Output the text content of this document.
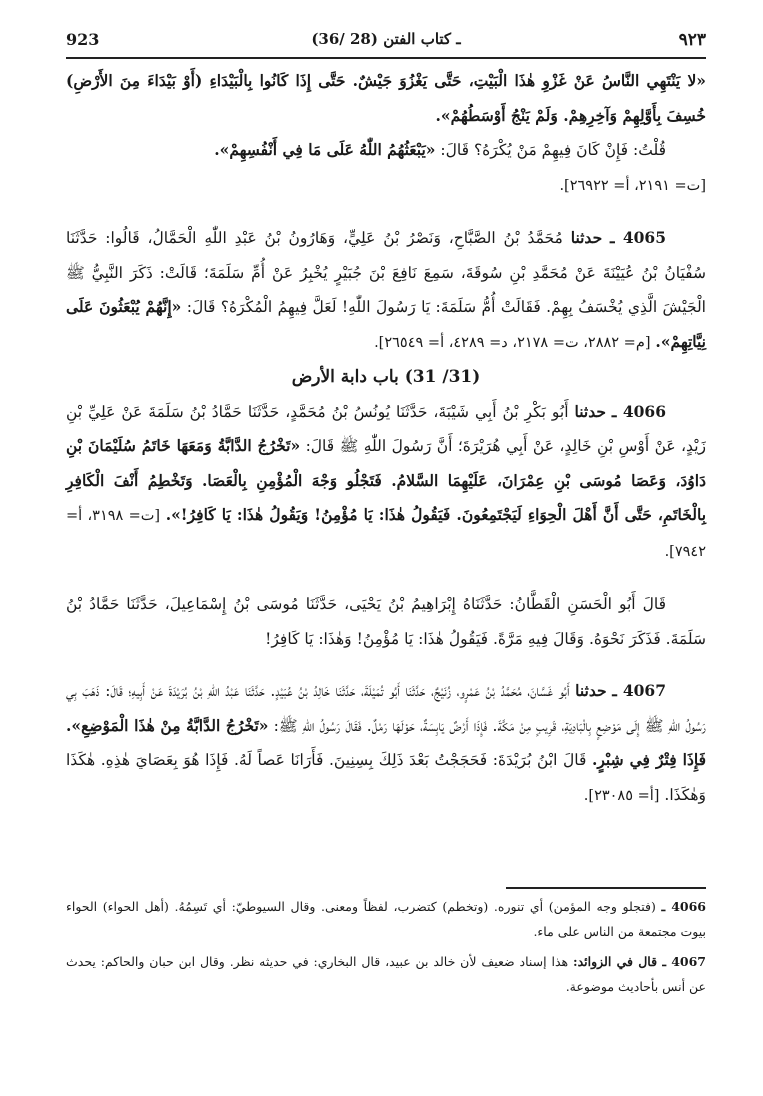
923	(36/ 28) ـ كتاب الفتن	٩٢٣

«لا يَنْتَهِي النَّاسُ عَنْ غَزْوِ هٰذَا الْبَيْتِ، حَتَّى يَغْزُوَ جَيْشٌ. حَتَّى إِذَا كَانُوا بِالْبَيْدَاءِ (أَوْ بَيْدَاءَ مِنَ الأَرْضِ) خُسِفَ بِأَوَّلِهِمْ وَآخِرِهِمْ. وَلَمْ يَنْجُ أَوْسَطُهُمْ».

قُلْتُ: فَإِنْ كَانَ فِيهِمْ مَنْ يُكْرَهُ؟ قَالَ: «يَبْعَثُهُمُ اللّٰهُ عَلَى مَا فِي أَنْفُسِهِمْ».
[ت= ٢١٩١، أ= ٢٦٩٢٢].

4065 ـ حدثنا مُحَمَّدُ بْنُ الصَّبَّاحِ، وَنَصْرُ بْنُ عَلِيٍّ، وَهَارُونُ بْنُ عَبْدِ اللّٰهِ الْحَمَّالُ، قَالُوا: حَدَّثَنَا سُفْيَانُ بْنُ عُيَيْنَةَ عَنْ مُحَمَّدِ بْنِ سُوقَةَ، سَمِعَ نَافِعَ بْنَ جُبَيْرٍ يُخْبِرُ عَنْ أُمِّ سَلَمَةَ؛ قَالَتْ: ذَكَرَ النَّبِيُّ ﷺ الْجَيْشَ الَّذِي يُخْسَفُ بِهِمْ. فَقَالَتْ أُمُّ سَلَمَةَ: يَا رَسُولَ اللّٰهِ! لَعَلَّ فِيهِمُ الْمُكْرَهُ؟ قَالَ: «إِنَّهُمْ يُبْعَثُونَ عَلَى نِيَّاتِهِمْ». [م= ٢٨٨٢، ت= ٢١٧٨، د= ٤٢٨٩، أ= ٢٦٥٤٩].

(31/ 31) باب دابة الأرض

4066 ـ حدثنا أَبُو بَكْرِ بْنُ أَبِي شَيْبَةَ، حَدَّثَنَا يُونُسُ بْنُ مُحَمَّدٍ، حَدَّثَنَا حَمَّادُ بْنُ سَلَمَةَ عَنْ عَلِيِّ بْنِ زَيْدٍ، عَنْ أَوْسِ بْنِ خَالِدٍ، عَنْ أَبِي هُرَيْرَةَ؛ أَنَّ رَسُولَ اللّٰهِ ﷺ قَالَ: «تَخْرُجُ الدَّابَّةُ وَمَعَهَا خَاتَمُ سُلَيْمَانَ بْنِ دَاوُدَ، وَعَصَا مُوسَى بْنِ عِمْرَانَ، عَلَيْهِمَا السَّلامُ. فَتَجْلُو وَجْهَ الْمُؤْمِنِ بِالْعَصَا. وَتَخْطِمُ أَنْفَ الْكَافِرِ بِالْخَاتَمِ، حَتَّى أَنَّ أَهْلَ الْحِوَاءِ لَيَجْتَمِعُونَ. فَيَقُولُ هٰذَا: يَا مُؤْمِنُ! وَيَقُولُ هٰذَا: يَا كَافِرُ!». [ت= ٣١٩٨، أ= ٧٩٤٢].

قَالَ أَبُو الْحَسَنِ الْقَطَّانُ: حَدَّثَنَاهُ إِبْرَاهِيمُ بْنُ يَحْيَى، حَدَّثَنَا مُوسَى بْنُ إِسْمَاعِيلَ، حَدَّثَنَا حَمَّادُ بْنُ سَلَمَةَ. فَذَكَرَ نَحْوَهُ. وَقَالَ فِيهِ مَرَّةً. فَيَقُولُ هٰذَا: يَا مُؤْمِنُ! وَهٰذَا: يَا كَافِرُ!

4067 ـ حدثنا أَبُو غَسَّانَ، مُحَمَّدُ بْنُ عَمْرٍو، زُنَيْجٌ، حَدَّثَنَا أَبُو تُمَيْلَةَ، حَدَّثَنَا خَالِدُ بْنُ عُبَيْدٍ. حَدَّثَنَا عَبْدُ اللّٰهِ بْنُ بُرَيْدَةَ عَنْ أَبِيهِ؛ قَالَ: ذَهَبَ بِي رَسُولُ اللّٰهِ ﷺ إِلَى مَوْضِعٍ بِالْبَادِيَةِ، قَرِيبٍ مِنْ مَكَّةَ. فَإِذَا أَرْضٌ يَابِسَةٌ، حَوْلَهَا رَمْلٌ. فَقَالَ رَسُولُ اللّٰهِ ﷺ: «تَخْرُجُ الدَّابَّةُ مِنْ هٰذَا الْمَوْضِعِ». فَإِذَا فِتْرٌ فِي شِبْرٍ. قَالَ ابْنُ بُرَيْدَةَ: فَحَجَجْتُ بَعْدَ ذَلِكَ بِسِنِينَ. فَأَرَانَا عَصاً لَهُ. فَإِذَا هُوَ بِعَصَايَ هٰذِهِ. هٰكَذَا وَهٰكَذَا. [أ= ٢٣٠٨٥].

4066 ـ (فتجلو وجه المؤمن) أي تنوره. (وتخطم) كتضرب، لفظاً ومعنى. وقال السيوطيّ: أي تَسِمُهُ. (أهل الحواء) الحواء بيوت مجتمعة من الناس على ماء.

4067 ـ قال في الزوائد: هذا إسناد ضعيف لأن خالد بن عبيد، قال البخاري: في حديثه نظر. وقال ابن حبان والحاكم: يحدث عن أنس بأحاديث موضوعة.
